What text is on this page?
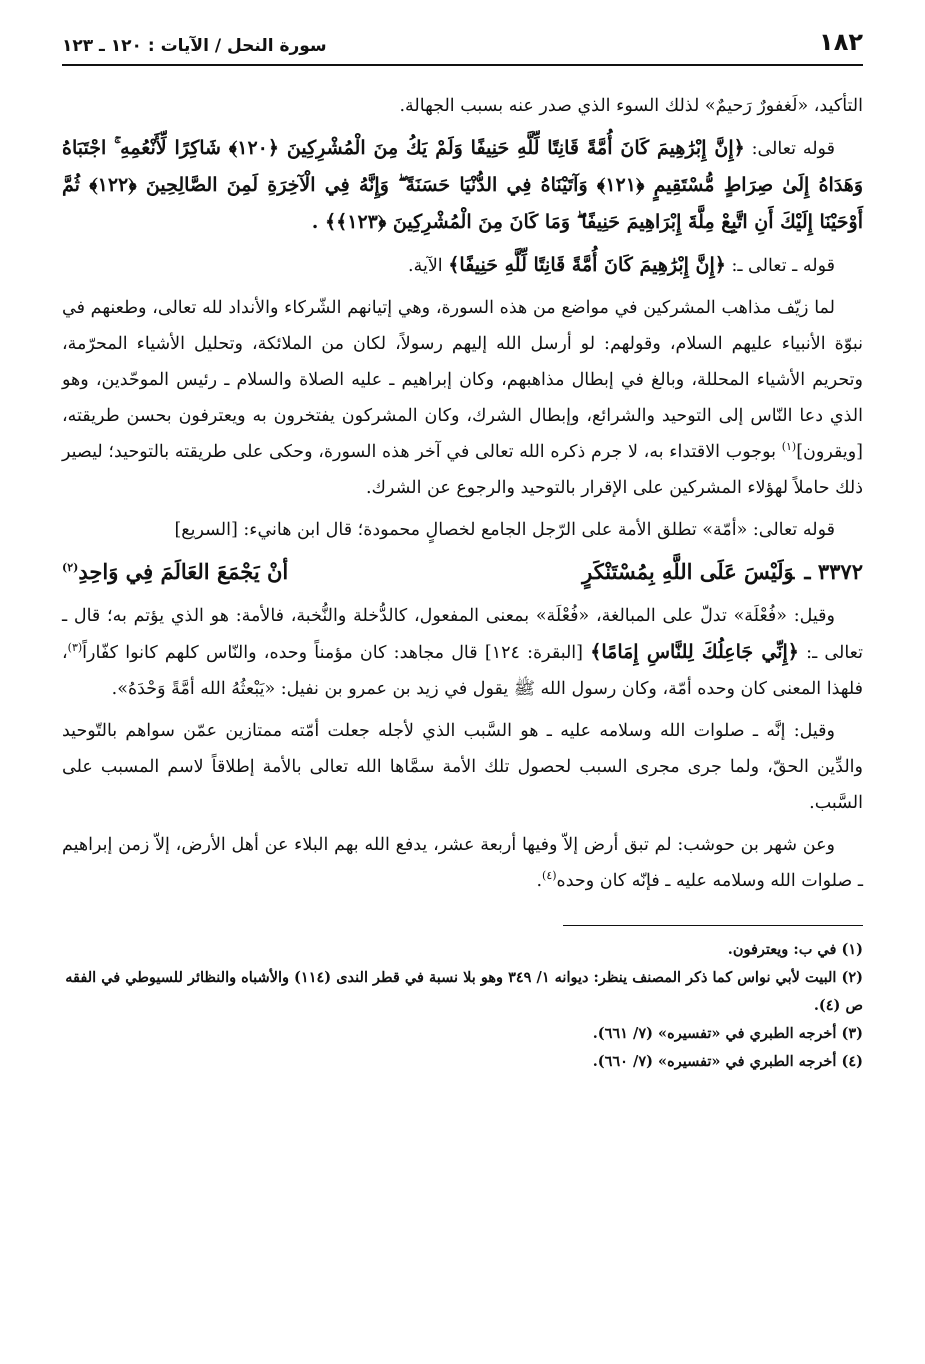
١٨٢
سورة النحل / الآيات : ١٢٠ ـ ١٢٣

التأكيد، «لَغفورٌ رَحيمٌ» لذلك السوء الذي صدر عنه بسبب الجهالة.

قوله تعالى: ﴿إِنَّ إِبْرَٰهِيمَ كَانَ أُمَّةً قَانِتًا لِّلَّهِ حَنِيفًا وَلَمْ يَكُ مِنَ الْمُشْرِكِينَ ﴿١٢٠﴾ شَاكِرًا لِّأَنْعُمِهِ ۚ اجْتَبَاهُ وَهَدَاهُ إِلَىٰ صِرَاطٍ مُّسْتَقِيمٍ ﴿١٢١﴾ وَآتَيْنَاهُ فِي الدُّنْيَا حَسَنَةً ۖ وَإِنَّهُ فِي الْآخِرَةِ لَمِنَ الصَّالِحِينَ ﴿١٢٢﴾ ثُمَّ أَوْحَيْنَا إِلَيْكَ أَنِ اتَّبِعْ مِلَّةَ إِبْرَاهِيمَ حَنِيفًا ۖ وَمَا كَانَ مِنَ الْمُشْرِكِينَ ﴿١٢٣﴾﴾ .

قوله ـ تعالى ـ: ﴿إِنَّ إِبْرَٰهِيمَ كَانَ أُمَّةً قَانِتًا لِّلَّهِ حَنِيفًا﴾ الآية.

لما زيّف مذاهب المشركين في مواضع من هذه السورة، وهي إتيانهم الشّركاء والأنداد لله تعالى، وطعنهم في نبوّة الأنبياء عليهم السلام، وقولهم: لو أرسل الله إليهم رسولاً، لكان من الملائكة، وتحليل الأشياء المحرّمة، وتحريم الأشياء المحللة، وبالغ في إبطال مذاهبهم، وكان إبراهيم ـ عليه الصلاة والسلام ـ رئيس الموحّدين، وهو الذي دعا النّاس إلى التوحيد والشرائع، وإبطال الشرك، وكان المشركون يفتخرون به ويعترفون بحسن طريقته، [ويقرون]$^{(١)}$ بوجوب الاقتداء به، لا جرم ذكره الله تعالى في آخر هذه السورة، وحكى على طريقته بالتوحيد؛ ليصير ذلك حاملاً لهؤلاء المشركين على الإقرار بالتوحيد والرجوع عن الشرك.

قوله تعالى: «أمّة» تطلق الأمة على الرّجل الجامع لخصالٍ محمودة؛ قال ابن هانيء: [السريع]

٣٣٧٢ ـوَلَيْسَ عَلَى اللَّهِ بِمُسْتَنْكَرٍ
أنْ يَجْمَعَ العَالَمَ فِي وَاحِدِ$^{(٢)}$

وقيل: «فُعْلَة» تدلّ على المبالغة، «فُعْلَة» بمعنى المفعول، كالدُّخلة والنُّخبة، فالأمة: هو الذي يؤتم به؛ قال ـ تعالى ـ: ﴿إِنِّي جَاعِلُكَ لِلنَّاسِ إِمَامًا﴾ [البقرة: ١٢٤] قال مجاهد: كان مؤمناً وحده، والنّاس كلهم كانوا كفّاراً$^{(٣)}$، فلهذا المعنى كان وحده أمّة، وكان رسول الله ﷺ يقول في زيد بن عمرو بن نفيل: «يَبْعثُهُ الله أمَّةً وَحْدَهُ».

وقيل: إنَّه ـ صلوات الله وسلامه عليه ـ هو السَّبب الذي لأجله جعلت أمّته ممتازين عمّن سواهم بالتّوحيد والدِّين الحقّ، ولما جرى مجرى السبب لحصول تلك الأمة سمَّاها الله تعالى بالأمة إطلاقاً لاسم المسبب على السَّبب.

وعن شهر بن حوشب: لم تبق أرض إلاّ وفيها أربعة عشر، يدفع الله بهم البلاء عن أهل الأرض، إلاّ زمن إبراهيم ـ صلوات الله وسلامه عليه ـ فإنّه كان وحده$^{(٤)}$.

(١) في ب: ويعترفون.
(٢) البيت لأبي نواس كما ذكر المصنف ينظر: ديوانه ١/ ٣٤٩ وهو بلا نسبة في قطر الندى (١١٤) والأشباه والنظائر للسيوطي في الفقه ص (٤).
(٣) أخرجه الطبري في «تفسيره» (٧/ ٦٦١).
(٤) أخرجه الطبري في «تفسيره» (٧/ ٦٦٠).
